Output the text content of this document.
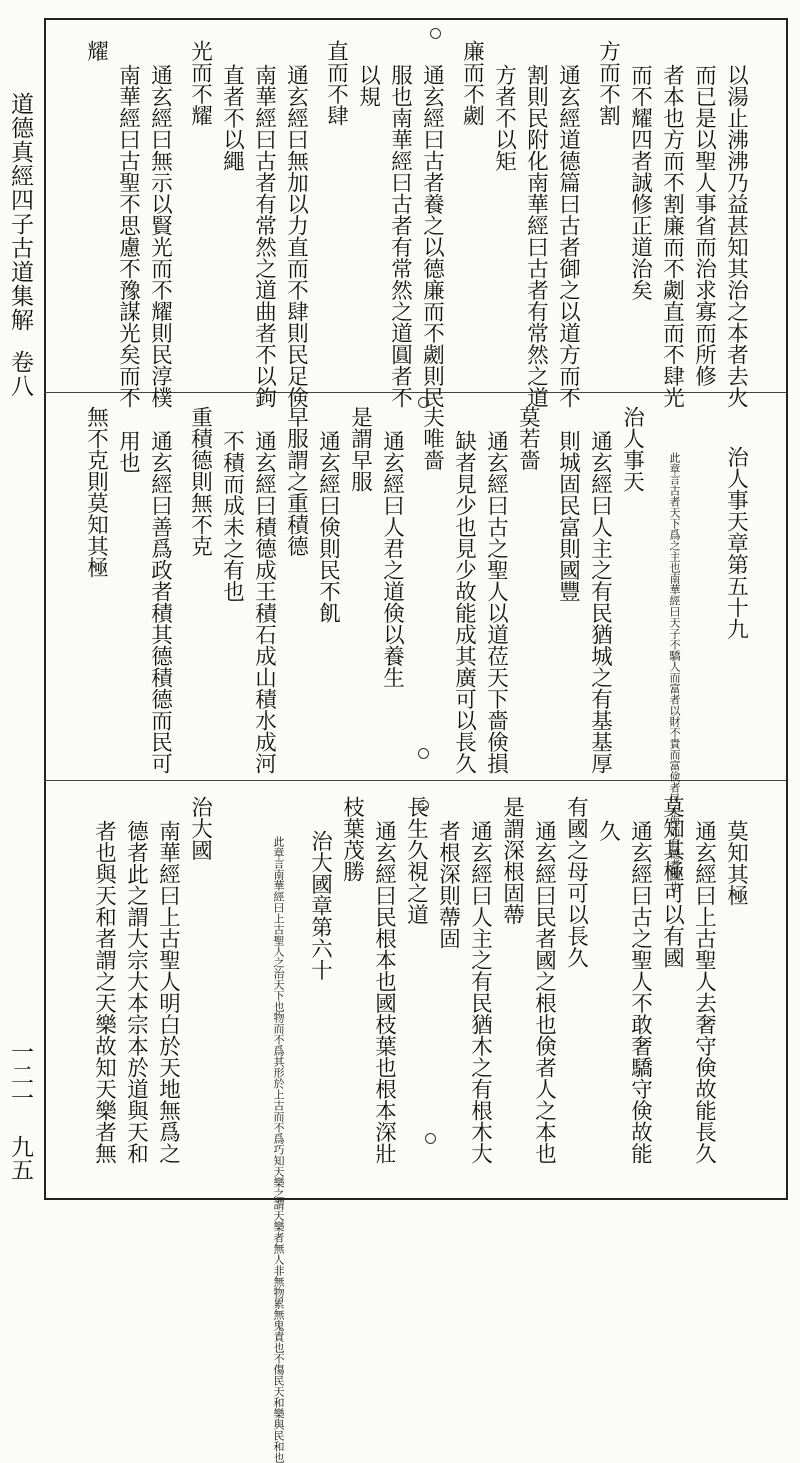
道德真經四子古道集解卷八
一二一 九五
以湯止沸沸乃益甚知其治之本者去火
而已是以聖人事省而治求寡而所修
者本也方而不割廉而不劌直而不肆光
而不耀四者誠修正道治矣
方而不割
通玄經道德篇曰古者御之以道方而不
割則民附化南華經曰古者有常然之道
方者不以矩
廉而不劌
通玄經曰古者養之以德廉而不劌則民
服也南華經曰古者有常然之道圓者不
以規
直而不肆
通玄經曰無加以力直而不肆則民足倹
南華經曰古者有常然之道曲者不以鉤
直者不以繩
光而不耀
通玄經曰無示以賢光而不耀則民淳樸
南華經曰古聖不思慮不豫謀光矣而不
耀
治人事天章第五十九
此章言古者天下爲之主也南華經曰天子不驕人而富者以財不貴而富倹者民不侮而有德者國也
治人事天
通玄經曰人主之有民猶城之有基基厚
則城固民富則國豐
莫若嗇
通玄經曰古之聖人以道莅天下嗇倹損
缺者見少也見少故能成其廣可以長久
夫唯嗇
通玄經曰人君之道倹以養生
是謂早服
通玄經曰倹則民不飢
早服謂之重積德
通玄經曰積德成王積石成山積水成河
不積而成未之有也
重積德則無不克
通玄經曰善爲政者積其德積德而民可
用也
無不克則莫知其極
莫知其極
通玄經曰上古聖人去奢守倹故能長久
莫知其極可以有國
通玄經曰古之聖人不敢奢驕守倹故能
久
有國之母可以長久
通玄經曰民者國之根也倹者人之本也
是謂深根固蔕
通玄經曰人主之有民猶木之有根木大
者根深則蔕固
長生久視之道
通玄經曰民根本也國枝葉也根本深壯
枝葉茂勝
治大國章第六十
此章言南華經曰上古聖人之治天下也物而不爲其形於上古而不爲巧知天樂之謂天樂者無人非無物累無鬼責也不傷民天和樂與民和也
治大國
南華經曰上古聖人明白於天地無爲之
德者此之謂大宗大本宗本於道與天和
者也與天和者謂之天樂故知天樂者無
